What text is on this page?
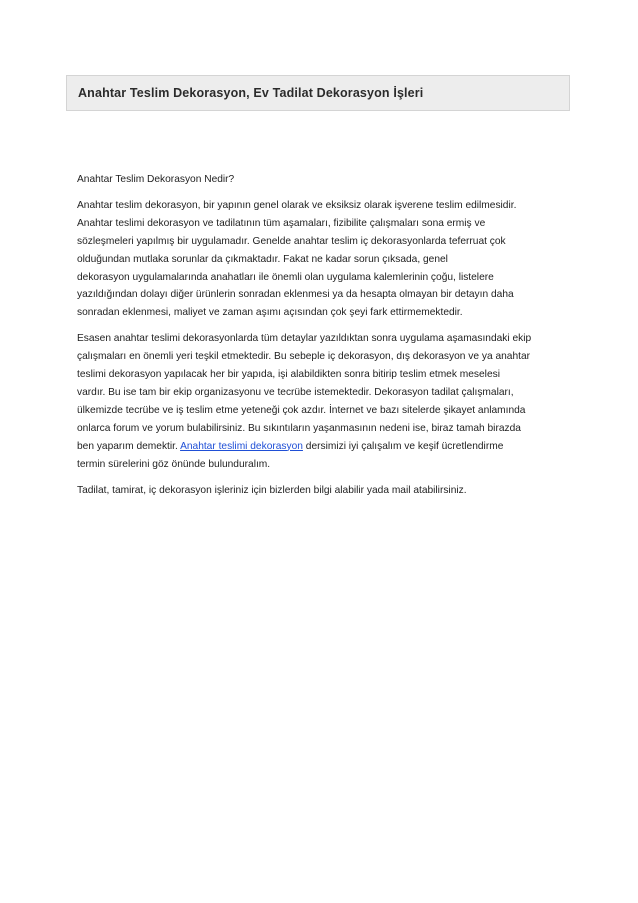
Anahtar Teslim Dekorasyon, Ev Tadilat Dekorasyon İşleri

Anahtar Teslim Dekorasyon Nedir?

Anahtar teslim dekorasyon, bir yapının genel olarak ve eksiksiz olarak işverene teslim edilmesidir.
Anahtar teslimi dekorasyon ve tadilatının tüm aşamaları, fizibilite çalışmaları sona ermiş ve
sözleşmeleri yapılmış bir uygulamadır. Genelde anahtar teslim iç dekorasyonlarda teferruat çok
olduğundan mutlaka sorunlar da çıkmaktadır. Fakat ne kadar sorun çıksada, genel
dekorasyon uygulamalarında anahatları ile önemli olan uygulama kalemlerinin çoğu, listelere
yazıldığından dolayı diğer ürünlerin sonradan eklenmesi ya da hesapta olmayan bir detayın daha
sonradan eklenmesi, maliyet ve zaman aşımı açısından çok şeyi fark ettirmemektedir.

Esasen anahtar teslimi dekorasyonlarda tüm detaylar yazıldıktan sonra uygulama aşamasındaki ekip
çalışmaları en önemli yeri teşkil etmektedir. Bu sebeple iç dekorasyon, dış dekorasyon ve ya anahtar
teslimi dekorasyon yapılacak her bir yapıda, işi alabildikten sonra bitirip teslim etmek meselesi
vardır. Bu ise tam bir ekip organizasyonu ve tecrübe istemektedir. Dekorasyon tadilat çalışmaları,
ülkemizde tecrübe ve iş teslim etme yeteneği çok azdır. İnternet ve bazı sitelerde şikayet anlamında
onlarca forum ve yorum bulabilirsiniz. Bu sıkıntıların yaşanmasının nedeni ise, biraz tamah birazda
ben yaparım demektir. Anahtar teslimi dekorasyon dersimizi iyi çalışalım ve keşif ücretlendirme
termin sürelerini göz önünde bulunduralım.

Tadilat, tamirat, iç dekorasyon işleriniz için bizlerden bilgi alabilir yada mail atabilirsiniz.
